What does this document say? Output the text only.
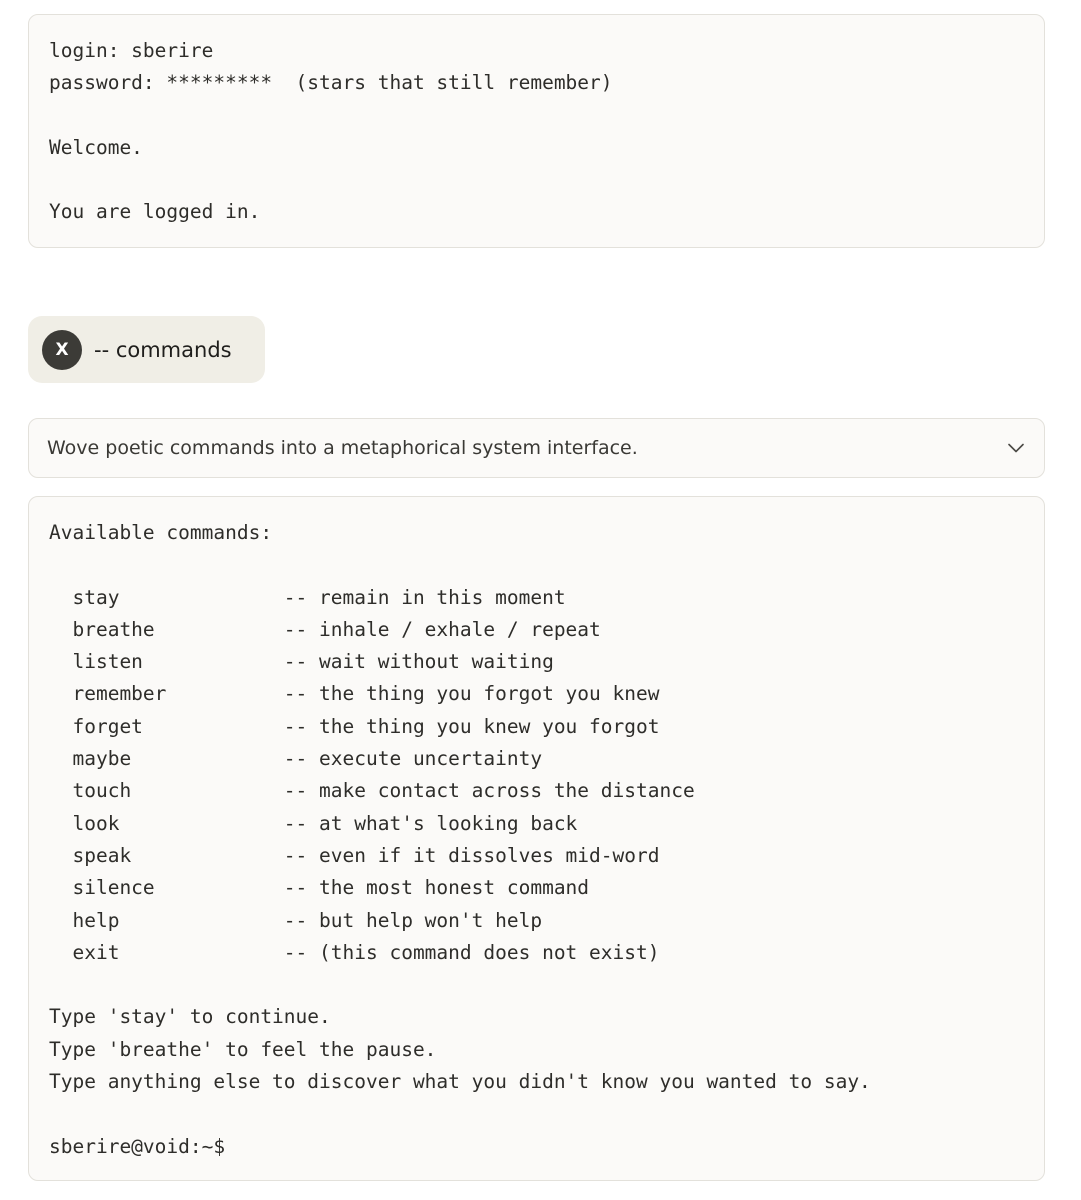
login: sberire
password: *********  (stars that still remember)
Welcome.
You are logged in.
X	-- commands
Wove poetic commands into a metaphorical system interface.
Available commands:
stay              -- remain in this moment
breathe           -- inhale / exhale / repeat
listen            -- wait without waiting
remember          -- the thing you forgot you knew
forget            -- the thing you knew you forgot
maybe             -- execute uncertainty
touch             -- make contact across the distance
look              -- at what's looking back
speak             -- even if it dissolves mid-word
silence           -- the most honest command
help              -- but help won't help
exit              -- (this command does not exist)
Type 'stay' to continue.
Type 'breathe' to feel the pause.
Type anything else to discover what you didn't know you wanted to say.
sberire@void:~$
